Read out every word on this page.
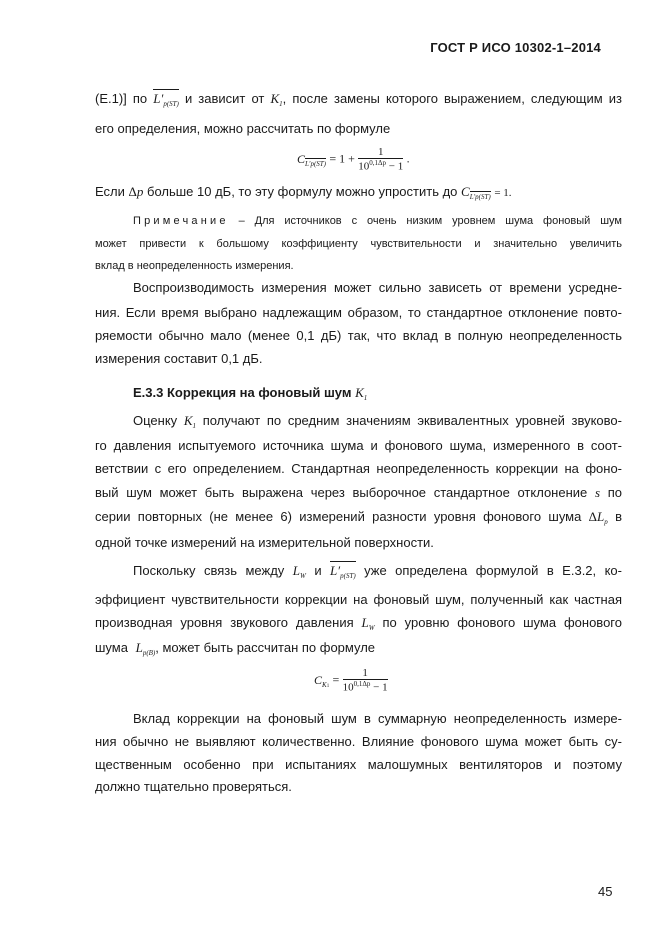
ГОСТ Р ИСО 10302-1–2014
(Е.1)] по $L'_{p(ST)}$ и зависит от $K_1$, после замены которого выражением, следующим из
его определения, можно рассчитать по формуле
$C_{L'p(ST)} = 1 + \frac{1}{10^{0,1\Delta p} - 1}$ .
Если Δp больше 10 дБ, то эту формулу можно упростить до $C_{L'p(ST)} = 1$.
Примечание – Для источников с очень низким уровнем шума фоновый шум
может привести к большому коэффициенту чувствительности и значительно увеличить
вклад в неопределенность измерения.
Воспроизводимость измерения может сильно зависеть от времени усредне-
ния. Если время выбрано надлежащим образом, то стандартное отклонение повто-
ряемости обычно мало (менее 0,1 дБ) так, что вклад в полную неопределенность
измерения составит 0,1 дБ.
Е.3.3 Коррекция на фоновый шум $K_1$
Оценку $K_1$ получают по средним значениям эквивалентных уровней звуково-
го давления испытуемого источника шума и фонового шума, измеренного в соот-
ветствии с его определением. Стандартная неопределенность коррекции на фоно-
вый шум может быть выражена через выборочное стандартное отклонение s по
серии повторных (не менее 6) измерений разности уровня фонового шума $\Delta L_p$ в
одной точке измерений на измерительной поверхности.
Поскольку связь между $L_W$ и $L'_{p(ST)}$ уже определена формулой в Е.3.2, ко-
эффициент чувствительности коррекции на фоновый шум, полученный как частная
производная уровня звукового давления $L_W$ по уровню фонового шума фонового
шума $L_{p(B)}$, может быть рассчитан по формуле
$C_{K1} = \frac{1}{10^{0,1\Delta p} - 1}$
Вклад коррекции на фоновый шум в суммарную неопределенность измере-
ния обычно не выявляют количественно. Влияние фонового шума может быть су-
щественным особенно при испытаниях малошумных вентиляторов и поэтому
должно тщательно проверяться.
45
